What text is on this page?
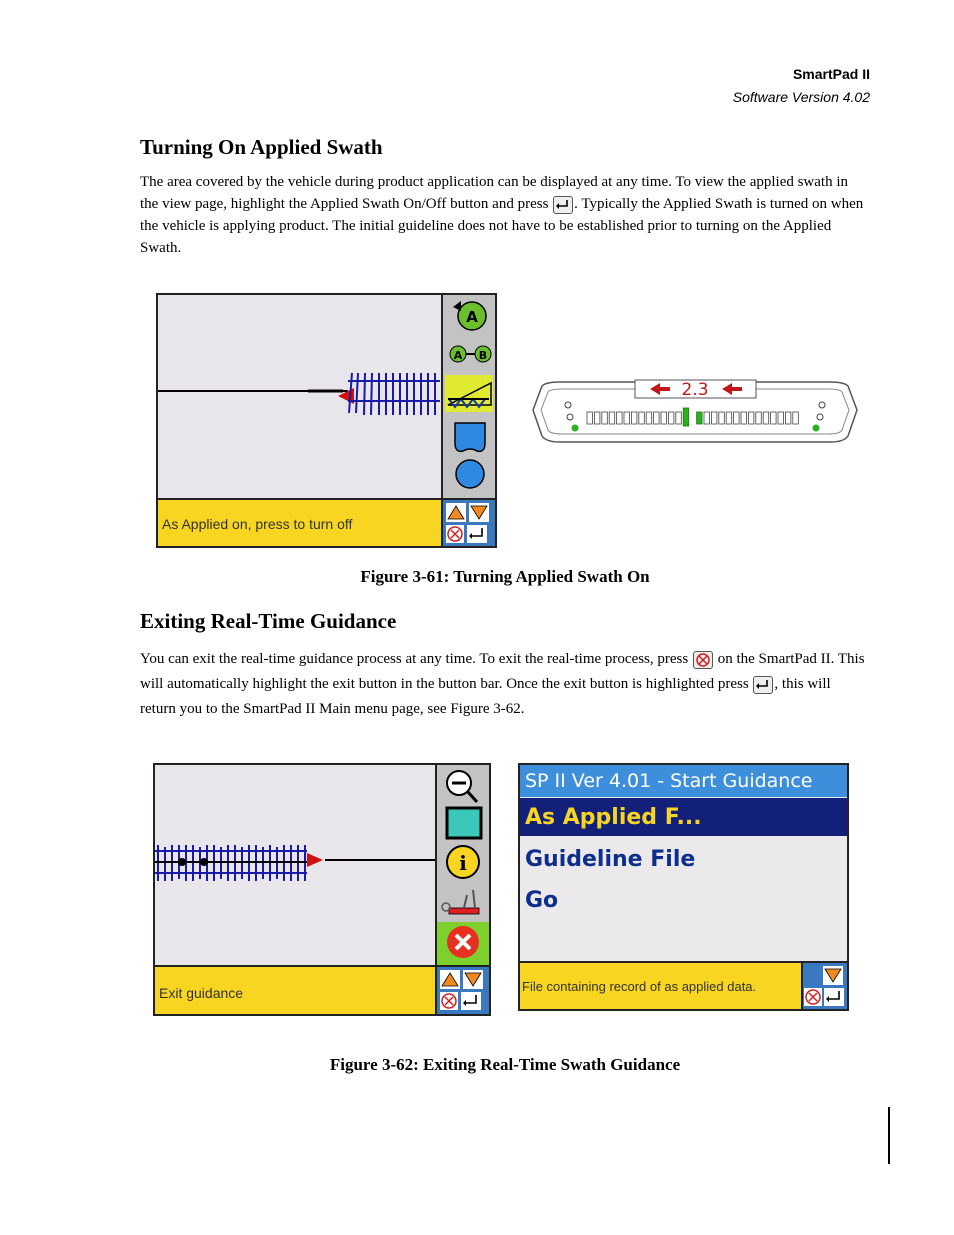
SmartPad II
Software Version 4.02
Turning On Applied Swath

The area covered by the vehicle during product application can be displayed at any time. To view the applied swath in the view page, highlight the Applied Swath On/Off button and press
. Typically the Applied Swath is turned on when the vehicle is applying product. The initial guideline does not have to be established prior to turning on the Applied Swath.

A
A B
As Applied on, press to turn off
2.3
Figure 3-61: Turning Applied Swath On
Exiting Real-Time Guidance

You can exit the real-time guidance process at any time. To exit the real-time process, press
on the SmartPad II. This will automatically highlight the exit button in the button bar. Once the exit button is highlighted press
, this will return you to the SmartPad II Main menu page, see Figure 3-62.

i
Exit guidance
SP II Ver 4.01 - Start Guidance
As Applied F...
Guideline File
Go
File containing record of as applied data.
Figure 3-62: Exiting Real-Time Swath Guidance
